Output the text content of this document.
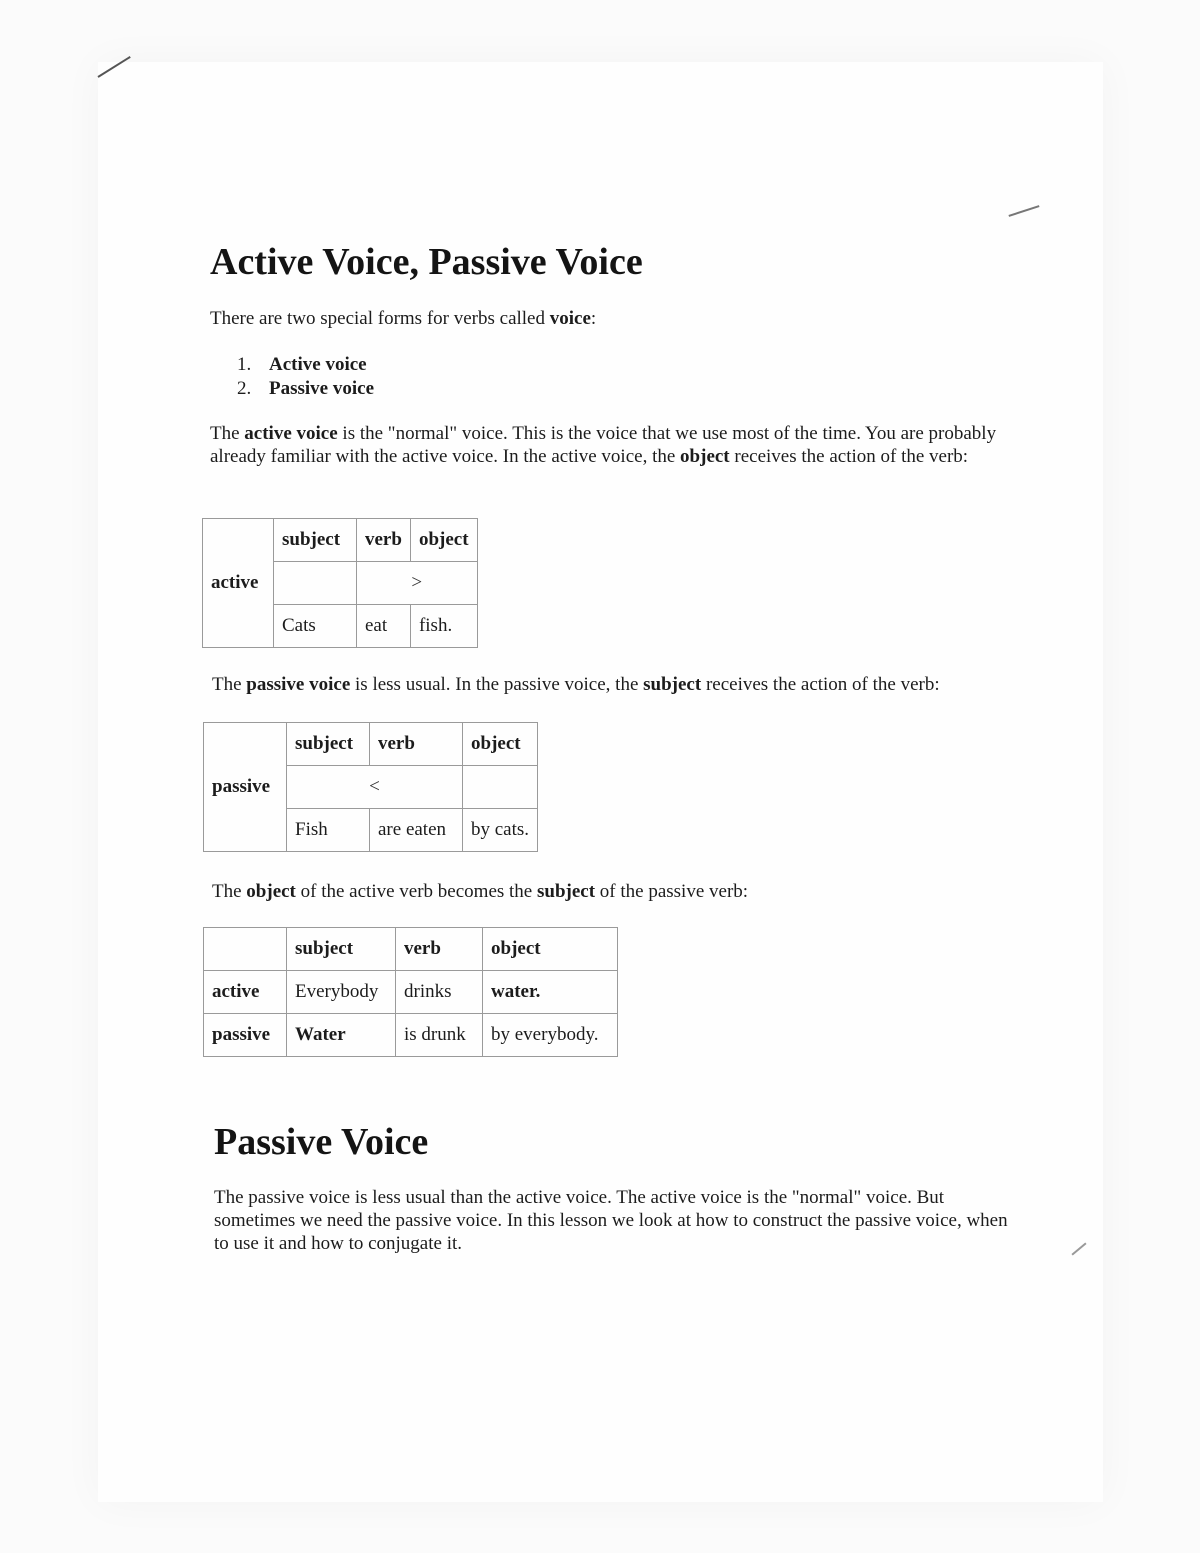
Active Voice, Passive Voice

There are two special forms for verbs called voice:

1. Active voice
2. Passive voice

The active voice is the "normal" voice. This is the voice that we use most of the time. You are probably already familiar with the active voice. In the active voice, the object receives the action of the verb:

active	subject	verb	object
		>	
	Cats	eat	fish.

The passive voice is less usual. In the passive voice, the subject receives the action of the verb:

passive	subject	verb	object
	<		
	Fish	are eaten	by cats.

The object of the active verb becomes the subject of the passive verb:

	subject	verb	object
active	Everybody	drinks	water.
passive	Water	is drunk	by everybody.
Passive Voice

The passive voice is less usual than the active voice. The active voice is the "normal" voice. But sometimes we need the passive voice. In this lesson we look at how to construct the passive voice, when to use it and how to conjugate it.
